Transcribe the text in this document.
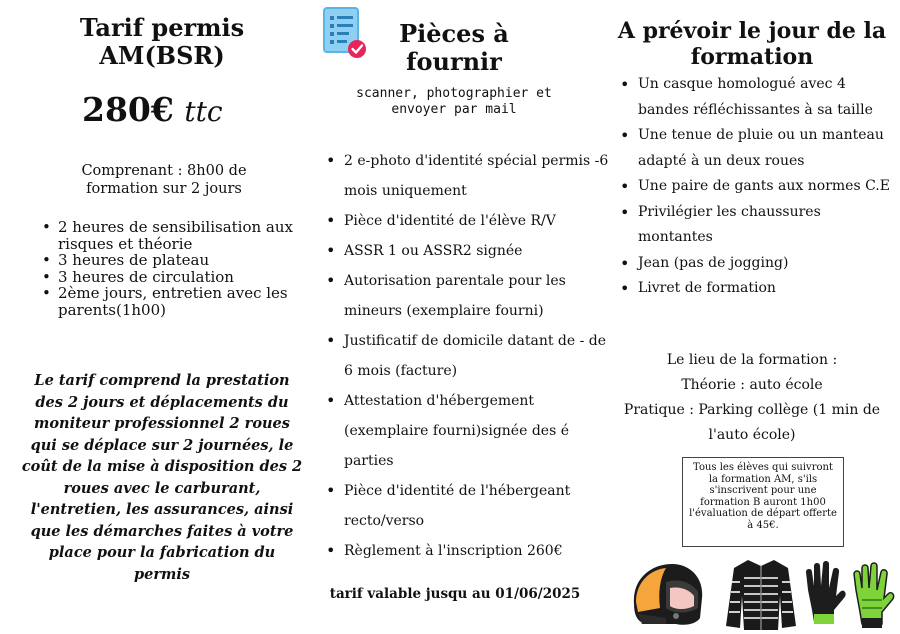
Tarif permis AM(BSR)
280€ ttc
Comprenant : 8h00 de formation sur 2 jours
• 2 heures de sensibilisation aux risques et théorie
• 3 heures de plateau
• 3 heures de circulation
• 2ème jours, entretien avec les parents(1h00)
Le tarif comprend la prestation des 2 jours et déplacements du moniteur professionnel 2 roues qui se déplace sur 2 journées, le coût de la mise à disposition des 2 roues avec le carburant, l'entretien, les assurances, ainsi que les démarches faites à votre place pour la fabrication du permis
Pièces à fournir
scanner, photographier et envoyer par mail
• 2 e-photo d'identité spécial permis -6 mois uniquement
• Pièce d'identité de l'élève R/V
• ASSR 1 ou ASSR2 signée
• Autorisation parentale pour les mineurs (exemplaire fourni)
• Justificatif de domicile datant de - de 6 mois (facture)
• Attestation d'hébergement (exemplaire fourni)signée des é parties
• Pièce d'identité de l'hébergeant recto/verso
• Règlement à l'inscription 260€
tarif valable jusqu au 01/06/2025
A prévoir le jour de la formation
• Un casque homologué avec 4 bandes réfléchissantes à sa taille
• Une tenue de pluie ou un manteau adapté à un deux roues
• Une paire de gants aux normes C.E
• Privilégier les chaussures montantes
• Jean (pas de jogging)
• Livret de formation
Le lieu de la formation :
Théorie : auto école
Pratique : Parking collège (1 min de l'auto école)
Tous les élèves qui suivront la formation AM, s'ils s'inscrivent pour une formation B auront 1h00 l'évaluation de départ offerte à 45€.
